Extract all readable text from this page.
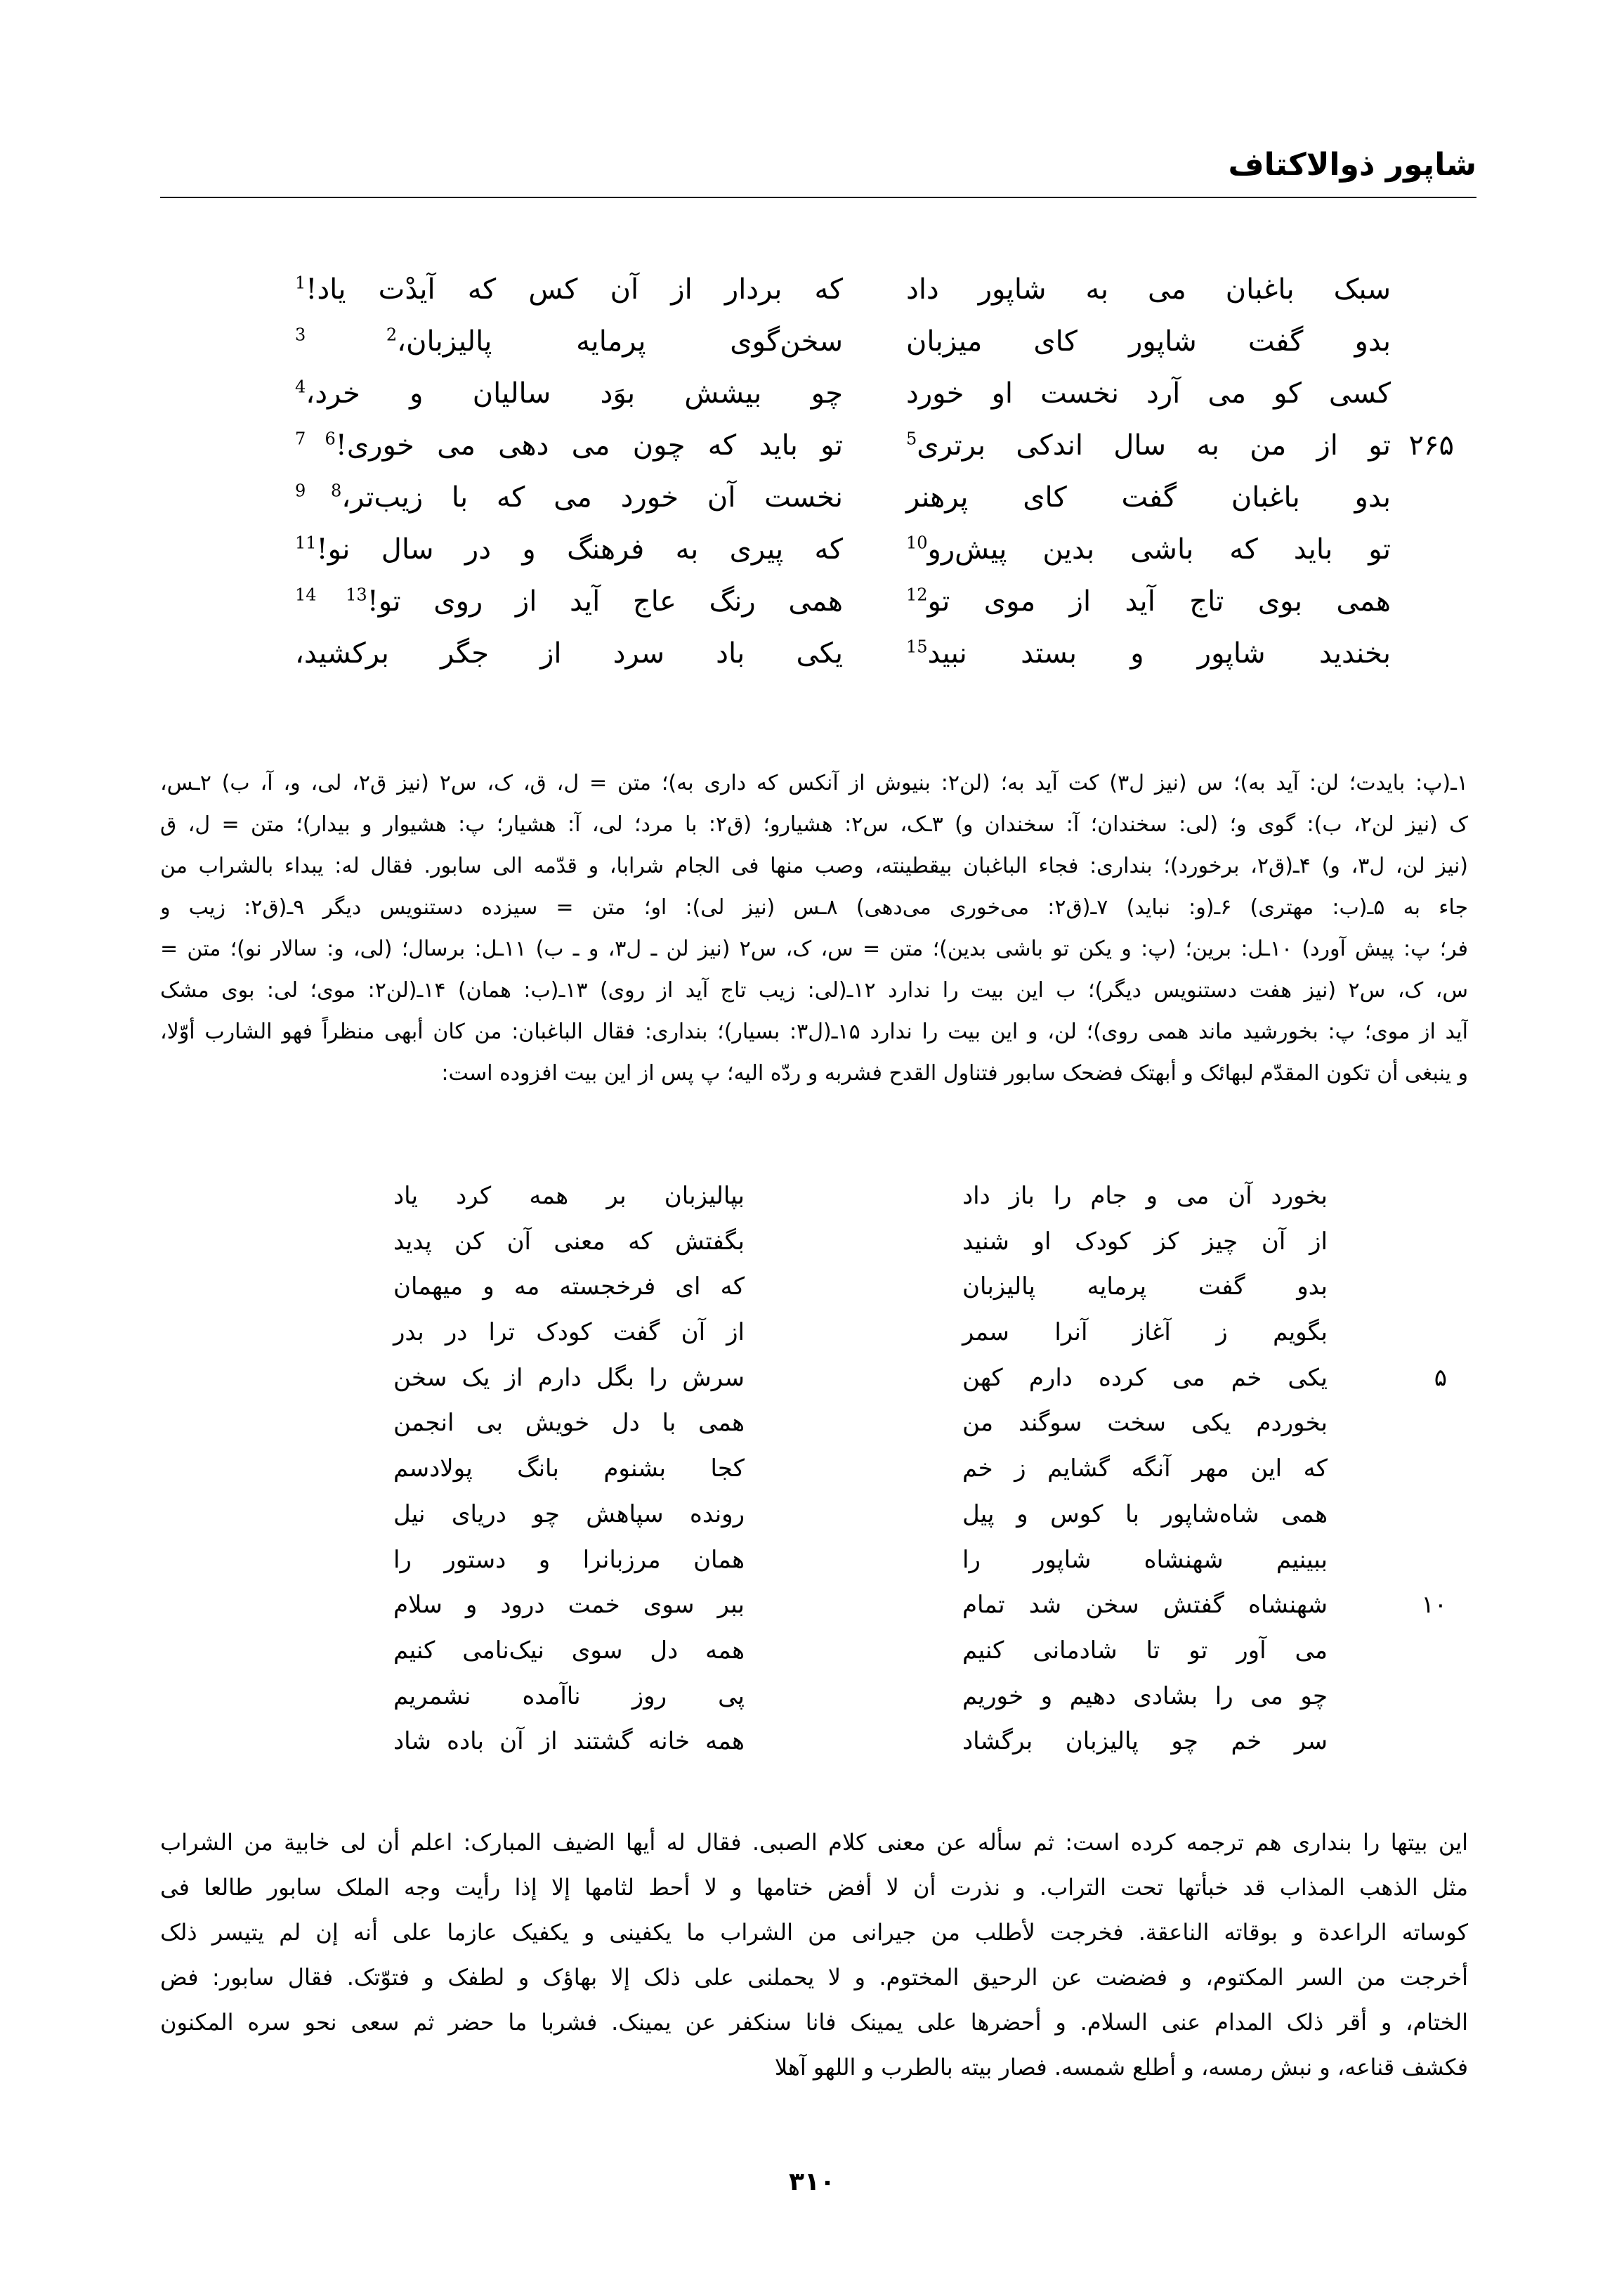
شاپور ذوالاکتاف
سبک باغبان می به شاپور داد
که بردار از آن کس که آیدْت یاد!$^1$
بدو گفت شاپور کای میزبان
سخن‌گوی پرمایه پالیزبان،$^{2 3}$
کسی کو می آرد نخست او خورد
چو بیشش بوَد سالیان و خرد،$^4$
٢۶۵
تو از من به سال اندکی برتری$^5$
تو باید که چون می دهی می خوری!$^{6 7}$
بدو باغبان گفت کای پرهنر
نخست آن خورد می که با زیب‌تر،$^{8 9}$
تو باید که باشی بدین پیش‌رو$^{10}$
که پیری به فرهنگ و در سال نو!$^{11}$
همی بوی تاج آید از موی تو$^{12}$
همی رنگ عاج آید از روی تو!$^{13 14}$
بخندید شاپور و بستد نبید$^{15}$
یکی باد سرد از جگر برکشید،
١ـ(پ: بایدت؛ لن: آید به)؛ س (نیز ل٣) کت آید به؛ (لن٢: بنیوش از آنکس که داری به)؛ متن = ل، ق، ک، س٢ (نیز ق٢، لی، و، آ، ب) ٢ـس،
ک (نیز لن٢، ب): گوی و؛ (لی: سخندان؛ آ: سخندان و) ٣ـک، س٢: هشیارو؛ (ق٢: با مرد؛ لی، آ: هشیار؛ پ: هشیوار و بیدار)؛ متن = ل، ق
(نیز لن، ل٣، و) ۴ـ(ق٢، برخورد)؛ بنداری: فجاء الباغبان بیقطینته، وصب منها فی الجام شرابا، و قدّمه الی سابور. فقال له: یبداء بالشراب من
جاء به ۵ـ(ب: مهتری) ۶ـ(و: نباید) ٧ـ(ق٢: می‌خوری می‌دهی) ٨ـس (نیز لی): او؛ متن = سیزده دستنویس دیگر ٩ـ(ق٢: زیب و
فر؛ پ: پیش آورد) ١٠ـل: برین؛ (پ: و یکن تو باشی بدین)؛ متن = س، ک، س٢ (نیز لن ـ ل٣، و ـ ب) ١١ـل: برسال؛ (لی، و: سالار نو)؛ متن =
س، ک، س٢ (نیز هفت دستنویس دیگر)؛ ب این بیت را ندارد ١٢ـ(لی: زیب تاج آید از روی) ١٣ـ(ب: همان) ١۴ـ(لن٢: موی؛ لی: بوی مشک
آید از موی؛ پ: بخورشید ماند همی روی)؛ لن، و این بیت را ندارد ١۵ـ(ل٣: بسیار)؛ بنداری: فقال الباغبان: من کان أبهی منظراً فهو الشارب أوّلا،
و ینبغی أن تکون المقدّم لبهائک و أبهتک فضحک سابور فتناول القدح فشربه و ردّه الیه؛ پ پس از این بیت افزوده است:
بخورد آن می و جام را باز داد
بپالیزبان بر همه کرد یاد
از آن چیز کز کودک او شنید
بگفتش که معنی آن کن پدید
بدو گفت پرمایه پالیزبان
که ای فرخجسته مه و میهمان
بگویم ز آغاز آنرا سمر
از آن گفت کودک ترا در بدر
۵
یکی خم می کرده دارم کهن
سرش را بگل دارم از یک سخن
بخوردم یکی سخت سوگند من
همی با دل خویش بی انجمن
که این مهر آنگه گشایم ز خم
کجا بشنوم بانگ پولادسم
همی شاه‌شاپور با کوس و پیل
رونده سپاهش چو دریای نیل
ببینیم شهنشاه شاپور را
همان مرزبانرا و دستور را
١٠
شهنشاه گفتش سخن شد تمام
ببر سوی خمت درود و سلام
می آور تو تا شادمانی کنیم
همه دل سوی نیک‌نامی کنیم
چو می را بشادی دهیم و خوریم
پی روز ناآمده نشمریم
سر خم چو پالیزبان برگشاد
همه خانه گشتند از آن باده شاد
این بیتها را بنداری هم ترجمه کرده است: ثم سأله عن معنی کلام الصبی. فقال له أیها الضیف المبارک: اعلم أن لی خابیة من الشراب
مثل الذهب المذاب قد خبأتها تحت التراب. و نذرت أن لا أفض ختامها و لا أحط لثامها إلا إذا رأیت وجه الملک سابور طالعا فی
کوساته الراعدة و بوقاته الناعقة. فخرجت لأطلب من جیرانی من الشراب ما یکفینی و یکفیک عازما علی أنه إن لم یتیسر ذلک
أخرجت من السر المکتوم، و فضضت عن الرحیق المختوم. و لا یحملنی علی ذلک إلا بهاؤک و لطفک و فتوّتک. فقال سابور: فض
الختام، و أقر ذلک المدام عنی السلام. و أحضرها علی یمینک فانا سنکفر عن یمینک. فشربا ما حضر ثم سعی نحو سره المکنون
فکشف قناعه، و نبش رمسه، و أطلع شمسه. فصار بیته بالطرب و اللهو آهلا
٣١٠
